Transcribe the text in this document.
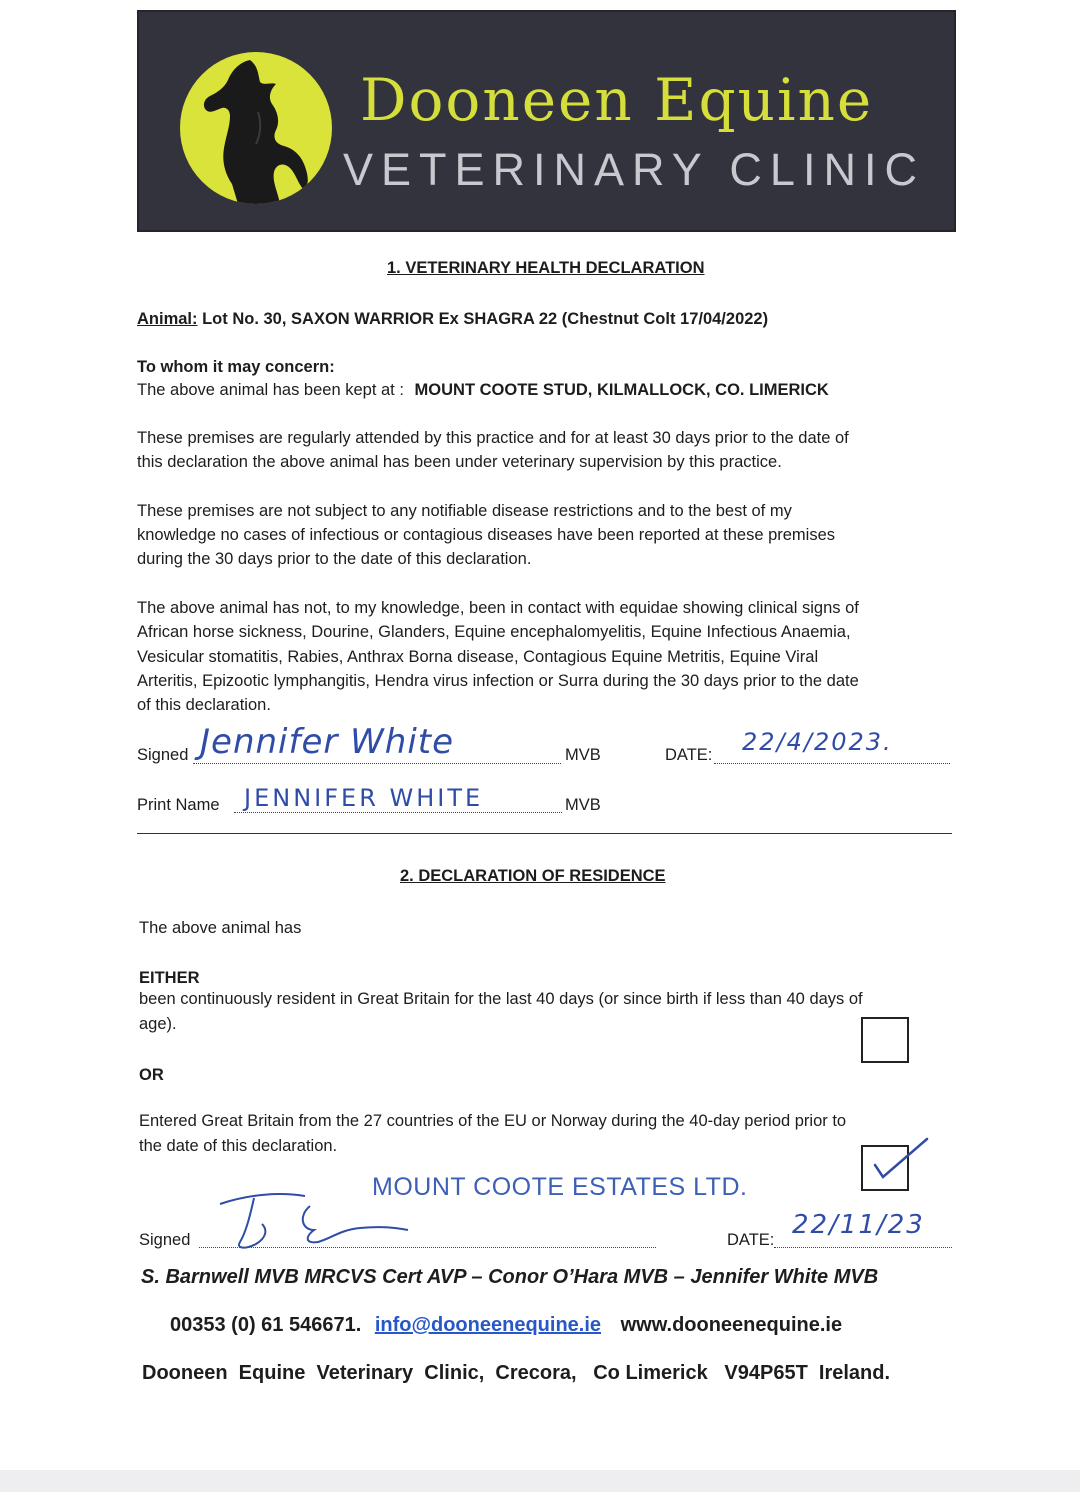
Dooneen Equine
VETERINARY CLINIC
1. VETERINARY HEALTH DECLARATION
Animal: Lot No. 30, SAXON WARRIOR Ex SHAGRA 22 (Chestnut Colt 17/04/2022)
To whom it may concern:
The above animal has been kept at : MOUNT COOTE STUD, KILMALLOCK, CO. LIMERICK
These premises are regularly attended by this practice and for at least 30 days prior to the date of
this declaration the above animal has been under veterinary supervision by this practice.
These premises are not subject to any notifiable disease restrictions and to the best of my
knowledge no cases of infectious or contagious diseases have been reported at these premises
during the 30 days prior to the date of this declaration.
The above animal has not, to my knowledge, been in contact with equidae showing clinical signs of
African horse sickness, Dourine, Glanders, Equine encephalomyelitis, Equine Infectious Anaemia,
Vesicular stomatitis, Rabies, Anthrax Borna disease, Contagious Equine Metritis, Equine Viral
Arteritis, Epizootic lymphangitis, Hendra virus infection or Surra during the 30 days prior to the date
of this declaration.
Signed Jennifer White	MVB	DATE: 22/4/2023.
Print Name JENNIFER WHITE	MVB
2. DECLARATION OF RESIDENCE
The above animal has
EITHER
been continuously resident in Great Britain for the last 40 days (or since birth if less than 40 days of
age).
OR
Entered Great Britain from the 27 countries of the EU or Norway during the 40-day period prior to
the date of this declaration.
MOUNT COOTE ESTATES LTD.
Signed	DATE: 22/11/23
S. Barnwell MVB MRCVS Cert AVP – Conor O’Hara MVB – Jennifer White MVB
00353 (0) 61 546671. info@dooneenequine.ie www.dooneenequine.ie
Dooneen  Equine  Veterinary  Clinic,  Crecora,   Co Limerick   V94P65T  Ireland.
